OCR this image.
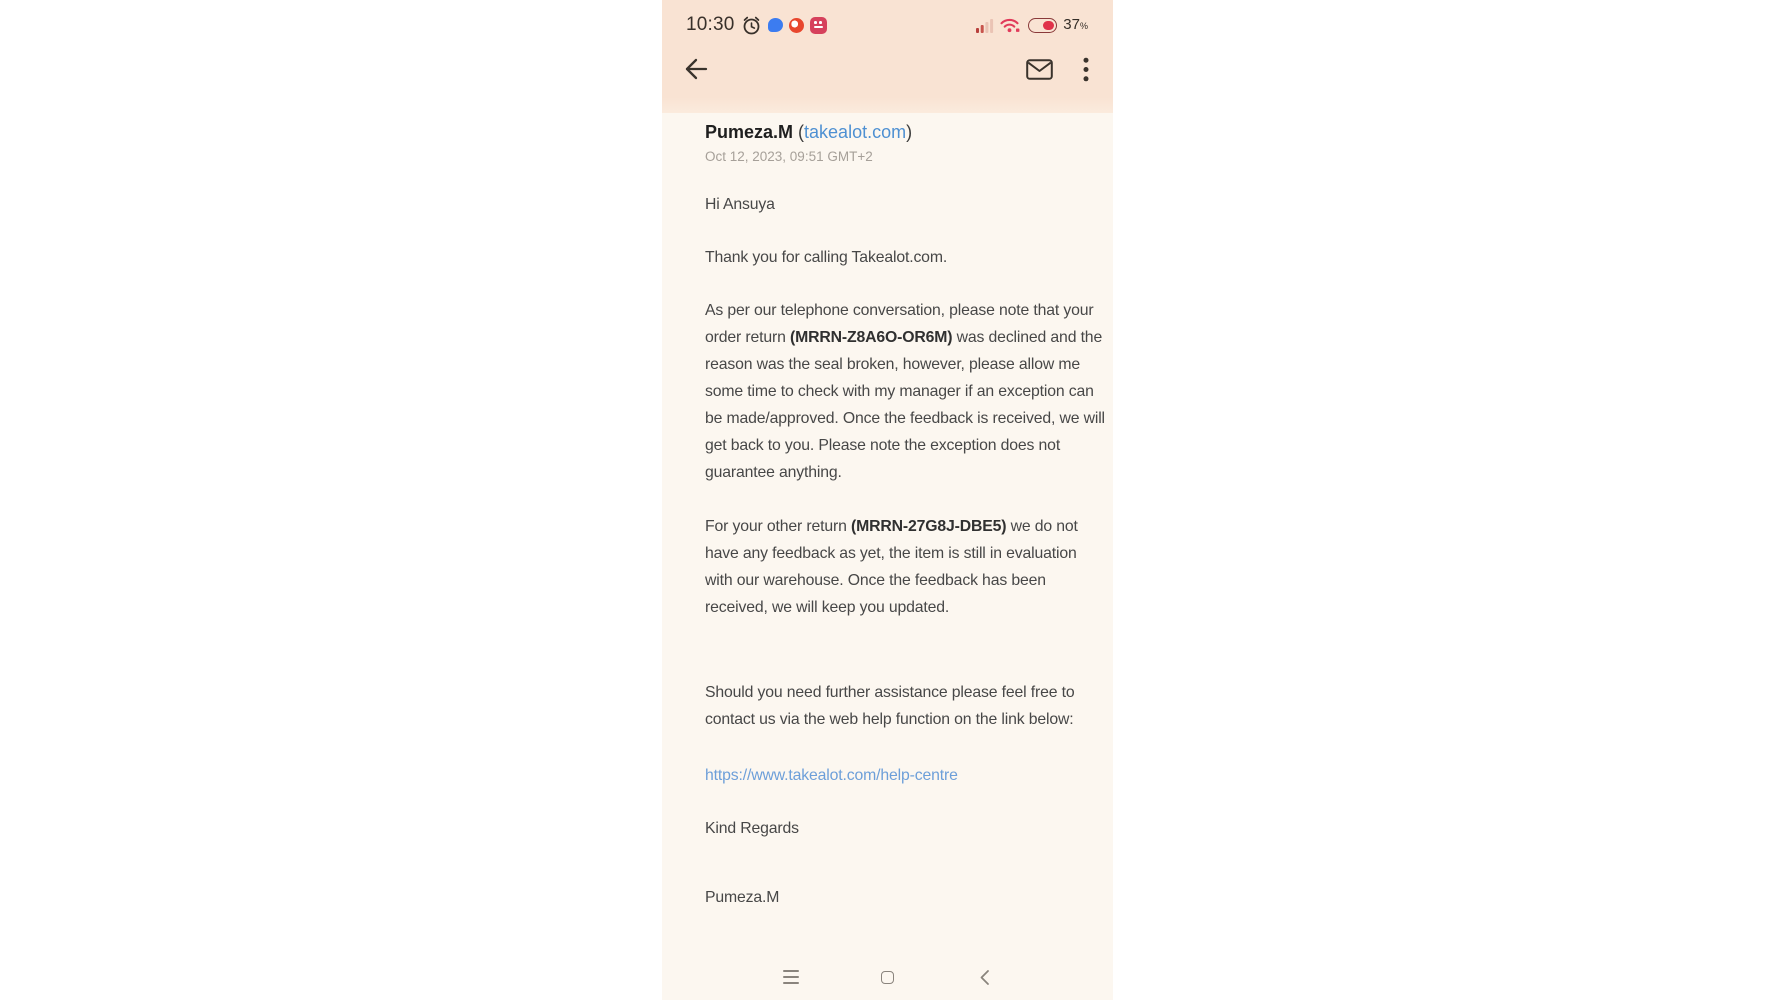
10:30	37%
Pumeza.M (takealot.com)
Oct 12, 2023, 09:51 GMT+2

Hi Ansuya

Thank you for calling Takealot.com.

As per our telephone conversation, please note that your order return (MRRN-Z8A6O-OR6M) was declined and the reason was the seal broken, however, please allow me some time to check with my manager if an exception can be made/approved. Once the feedback is received, we will get back to you. Please note the exception does not guarantee anything.

For your other return (MRRN-27G8J-DBE5) we do not have any feedback as yet, the item is still in evaluation with our warehouse. Once the feedback has been received, we will keep you updated.

Should you need further assistance please feel free to contact us via the web help function on the link below:

https://www.takealot.com/help-centre

Kind Regards

Pumeza.M
